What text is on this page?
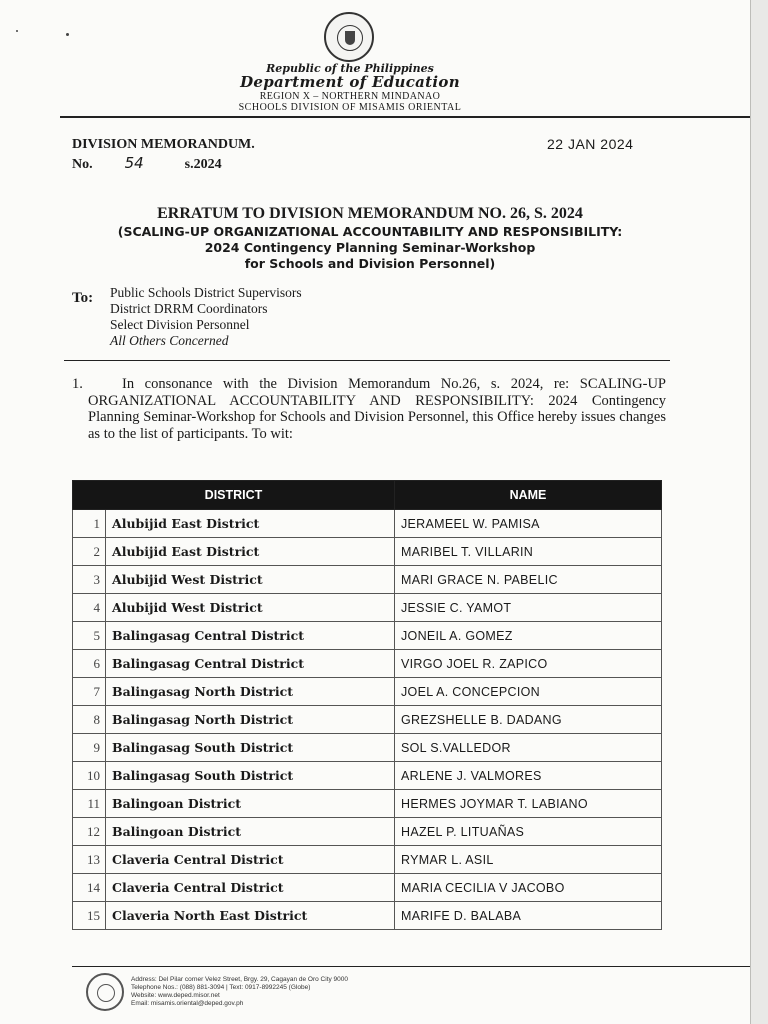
Republic of the Philippines
Department of Education
REGION X – NORTHERN MINDANAO
SCHOOLS DIVISION OF MISAMIS ORIENTAL
DIVISION MEMORANDUM.
No. 54	s.2024
22 JAN 2024
ERRATUM TO DIVISION MEMORANDUM NO. 26, S. 2024
(SCALING-UP ORGANIZATIONAL ACCOUNTABILITY AND RESPONSIBILITY:
2024 Contingency Planning Seminar-Workshop
for Schools and Division Personnel)
To: Public Schools District Supervisors
District DRRM Coordinators
Select Division Personnel
All Others Concerned
1.	In consonance with the Division Memorandum No.26, s. 2024, re: SCALING-UP ORGANIZATIONAL ACCOUNTABILITY AND RESPONSIBILITY: 2024 Contingency Planning Seminar-Workshop for Schools and Division Personnel, this Office hereby issues changes as to the list of participants. To wit:
DISTRICT		NAME
1	Alubijid East District	JERAMEEL W. PAMISA
2	Alubijid East District	MARIBEL T. VILLARIN
3	Alubijid West District	MARI GRACE N. PABELIC
4	Alubijid West District	JESSIE C. YAMOT
5	Balingasag Central District	JONEIL A. GOMEZ
6	Balingasag Central District	VIRGO JOEL R. ZAPICO
7	Balingasag North District	JOEL A. CONCEPCION
8	Balingasag North District	GREZSHELLE B. DADANG
9	Balingasag South District	SOL S.VALLEDOR
10	Balingasag South District	ARLENE J. VALMORES
11	Balingoan District	HERMES JOYMAR T. LABIANO
12	Balingoan District	HAZEL P. LITUAÑAS
13	Claveria Central District	RYMAR L. ASIL
14	Claveria Central District	MARIA CECILIA V JACOBO
15	Claveria North East District	MARIFE D. BALABA
Address: Del Pilar corner Velez Street, Brgy. 29, Cagayan de Oro City 9000
Telephone Nos.: (088) 881-3094 | Text: 0917-8992245 (Globe)
Website: www.deped.misor.net
Email: misamis.oriental@deped.gov.ph
